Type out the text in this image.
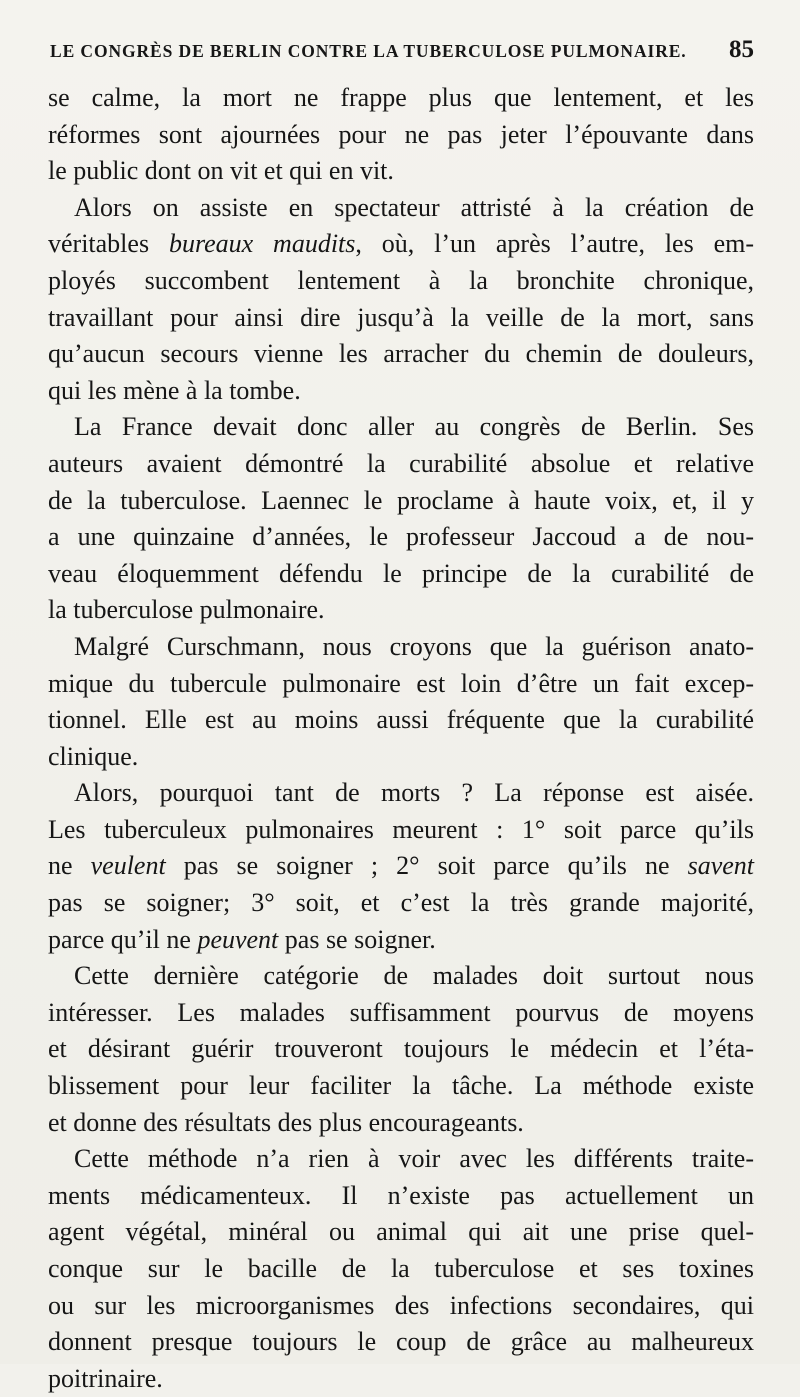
LE CONGRÈS DE BERLIN CONTRE LA TUBERCULOSE PULMONAIRE. 85
se calme, la mort ne frappe plus que lentement, et les
réformes sont ajournées pour ne pas jeter l’épouvante dans
le public dont on vit et qui en vit.
Alors on assiste en spectateur attristé à la création de
véritables bureaux maudits, où, l’un après l’autre, les em-
ployés succombent lentement à la bronchite chronique,
travaillant pour ainsi dire jusqu’à la veille de la mort, sans
qu’aucun secours vienne les arracher du chemin de douleurs,
qui les mène à la tombe.
La France devait donc aller au congrès de Berlin. Ses
auteurs avaient démontré la curabilité absolue et relative
de la tuberculose. Laennec le proclame à haute voix, et, il y
a une quinzaine d’années, le professeur Jaccoud a de nou-
veau éloquemment défendu le principe de la curabilité de
la tuberculose pulmonaire.
Malgré Curschmann, nous croyons que la guérison anato-
mique du tubercule pulmonaire est loin d’être un fait excep-
tionnel. Elle est au moins aussi fréquente que la curabilité
clinique.
Alors, pourquoi tant de morts ? La réponse est aisée.
Les tuberculeux pulmonaires meurent : 1° soit parce qu’ils
ne veulent pas se soigner ; 2° soit parce qu’ils ne savent
pas se soigner; 3° soit, et c’est la très grande majorité,
parce qu’il ne peuvent pas se soigner.
Cette dernière catégorie de malades doit surtout nous
intéresser. Les malades suffisamment pourvus de moyens
et désirant guérir trouveront toujours le médecin et l’éta-
blissement pour leur faciliter la tâche. La méthode existe
et donne des résultats des plus encourageants.
Cette méthode n’a rien à voir avec les différents traite-
ments médicamenteux. Il n’existe pas actuellement un
agent végétal, minéral ou animal qui ait une prise quel-
conque sur le bacille de la tuberculose et ses toxines
ou sur les microorganismes des infections secondaires, qui
donnent presque toujours le coup de grâce au malheureux
poitrinaire.
